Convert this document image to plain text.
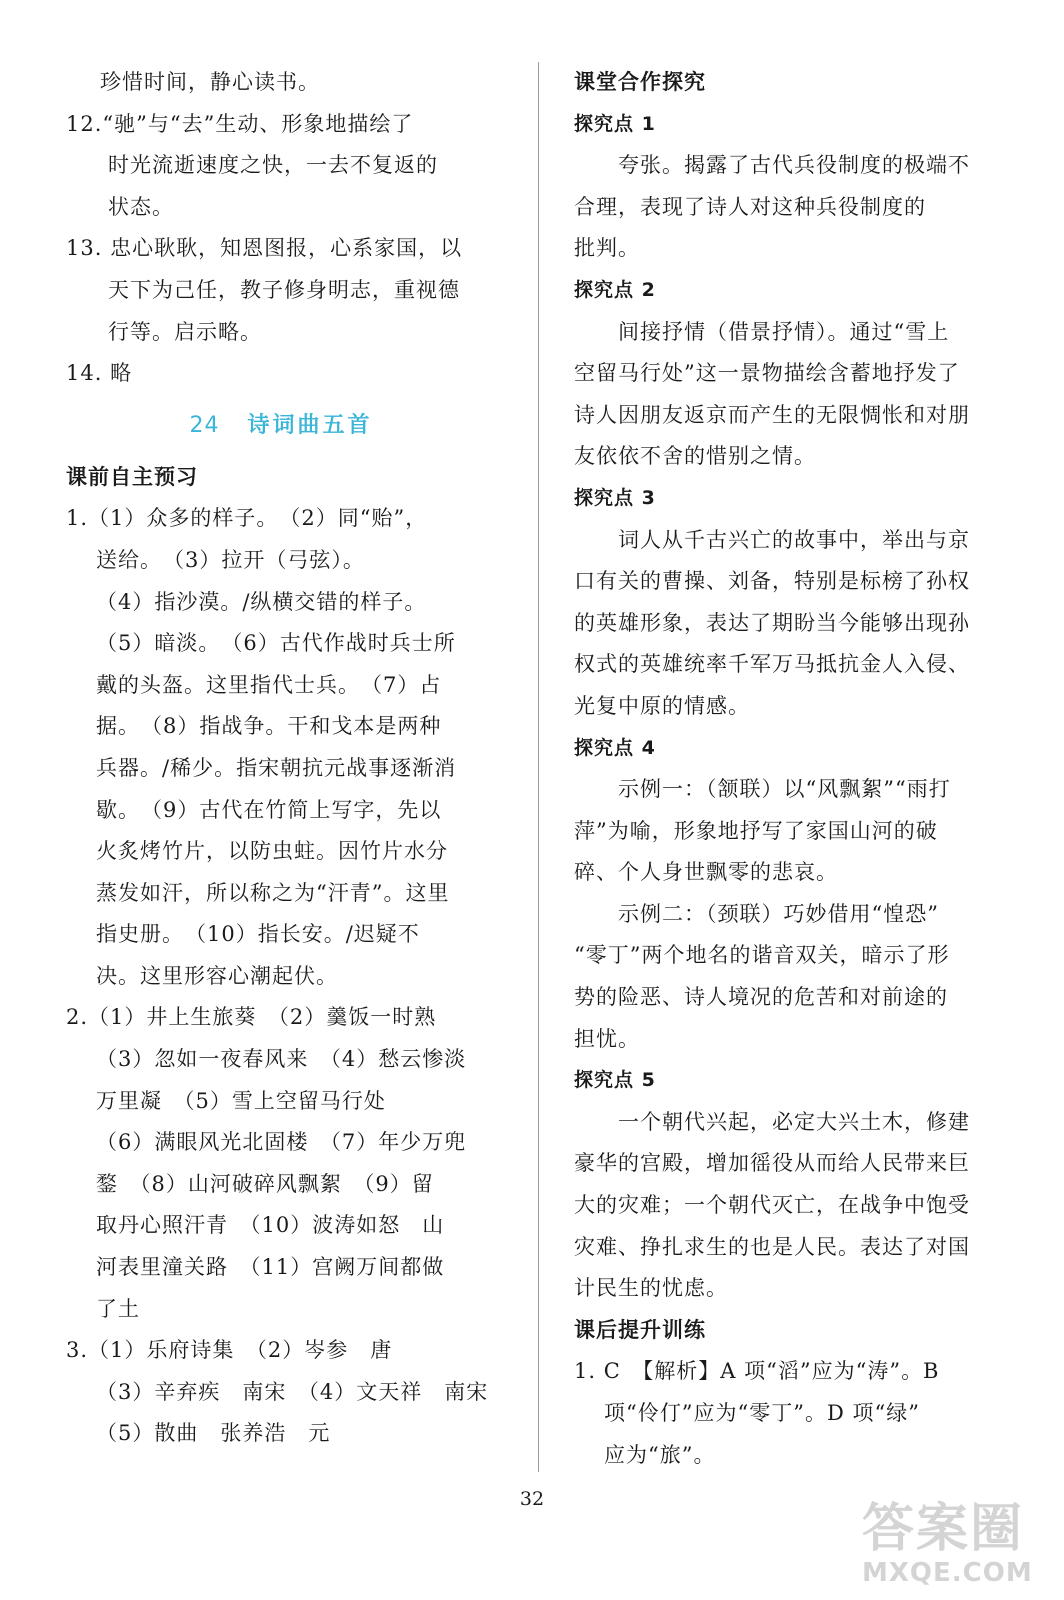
珍惜时间，静心读书。
12.“驰”与“去”生动、形象地描绘了
时光流逝速度之快，一去不复返的
状态。
13. 忠心耿耿，知恩图报，心系家国，以
天下为己任，教子修身明志，重视德
行等。启示略。
14. 略
24 诗词曲五首
课前自主预习
1.（1）众多的样子。　（2）同“贻”，
送给。　（3）拉开（弓弦）。
（4）指沙漠。/纵横交错的样子。
（5）暗淡。　（6）古代作战时兵士所
戴的头盔。这里指代士兵。　（7）占
据。　（8）指战争。干和戈本是两种
兵器。/稀少。指宋朝抗元战事逐渐消
歇。　（9）古代在竹简上写字，先以
火炙烤竹片，以防虫蛀。因竹片水分
蒸发如汗，所以称之为“汗青”。这里
指史册。　（10）指长安。/迟疑不
决。这里形容心潮起伏。
2.（1）井上生旅葵　（2）羹饭一时熟
（3）忽如一夜春风来　（4）愁云惨淡
万里凝　（5）雪上空留马行处
（6）满眼风光北固楼　（7）年少万兜
鍪　（8）山河破碎风飘絮　（9）留
取丹心照汗青　（10）波涛如怒　山
河表里潼关路　（11）宫阙万间都做
了土
3.（1）乐府诗集　（2）岑参　唐
（3）辛弃疾　南宋　（4）文天祥　南宋
（5）散曲　张养浩　元
课堂合作探究
探究点 1
夸张。揭露了古代兵役制度的极端不
合理，表现了诗人对这种兵役制度的
批判。
探究点 2
间接抒情（借景抒情）。通过“雪上
空留马行处”这一景物描绘含蓄地抒发了
诗人因朋友返京而产生的无限惆怅和对朋
友依依不舍的惜别之情。
探究点 3
词人从千古兴亡的故事中，举出与京
口有关的曹操、刘备，特别是标榜了孙权
的英雄形象，表达了期盼当今能够出现孙
权式的英雄统率千军万马抵抗金人入侵、
光复中原的情感。
探究点 4
示例一：（颔联）以“风飘絮”“雨打
萍”为喻，形象地抒写了家国山河的破
碎、个人身世飘零的悲哀。
示例二：（颈联）巧妙借用“惶恐”
“零丁”两个地名的谐音双关，暗示了形
势的险恶、诗人境况的危苦和对前途的
担忧。
探究点 5
一个朝代兴起，必定大兴土木，修建
豪华的宫殿，增加徭役从而给人民带来巨
大的灾难；一个朝代灭亡，在战争中饱受
灾难、挣扎求生的也是人民。表达了对国
计民生的忧虑。
课后提升训练
1. C　【解析】A 项“滔”应为“涛”。B
项“伶仃”应为“零丁”。D 项“绿”
应为“旅”。
32	答案圈
MXQE.COM
